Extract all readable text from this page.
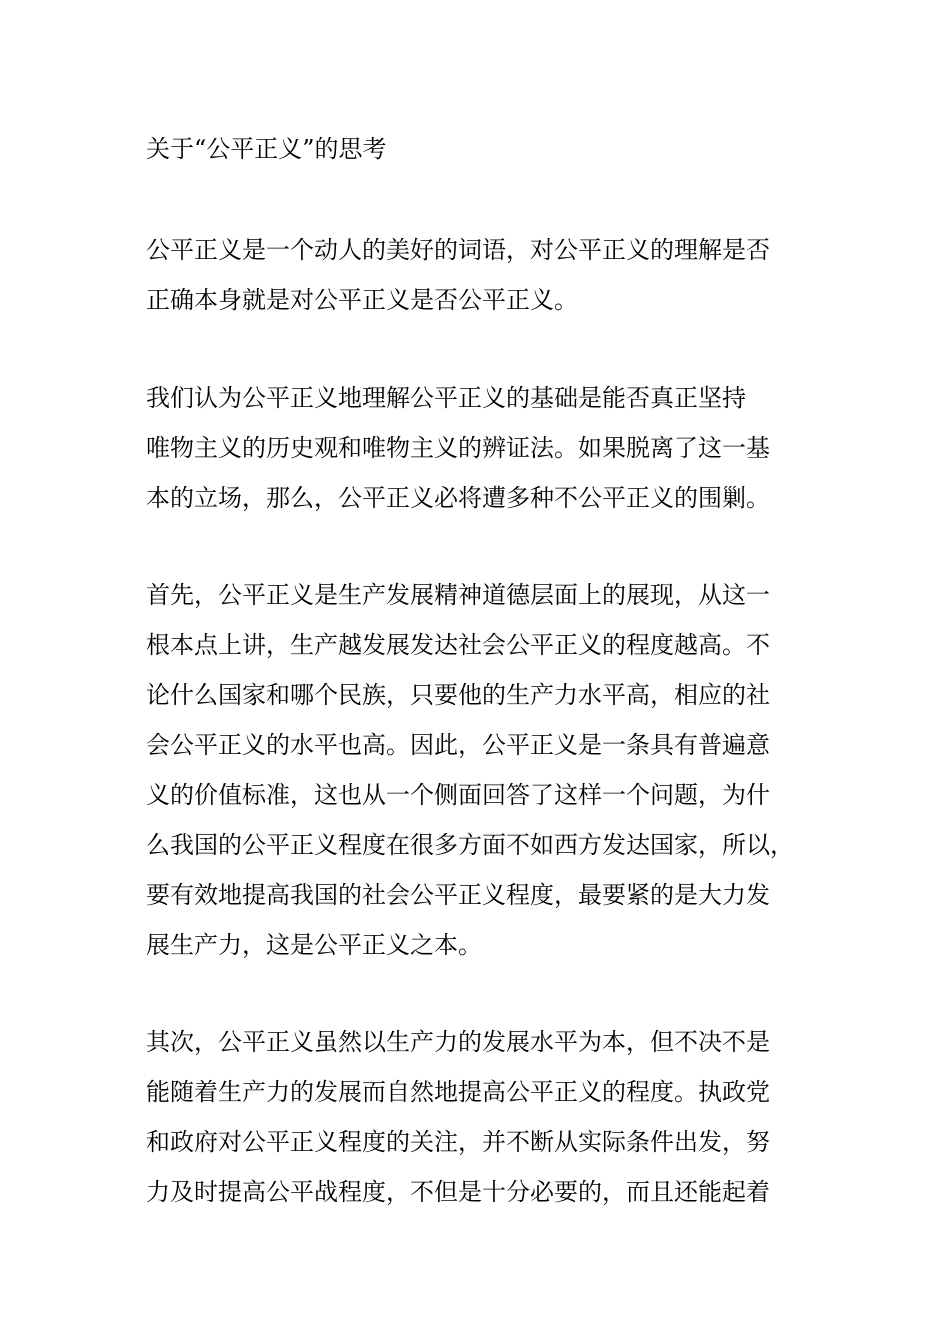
关于“公平正义”的思考
公平正义是一个动人的美好的词语，对公平正义的理解是否
正确本身就是对公平正义是否公平正义。
我们认为公平正义地理解公平正义的基础是能否真正坚持
唯物主义的历史观和唯物主义的辨证法。如果脱离了这一基
本的立场，那么，公平正义必将遭多种不公平正义的围剿。
首先，公平正义是生产发展精神道德层面上的展现，从这一
根本点上讲，生产越发展发达社会公平正义的程度越高。不
论什么国家和哪个民族，只要他的生产力水平高，相应的社
会公平正义的水平也高。因此，公平正义是一条具有普遍意
义的价值标准，这也从一个侧面回答了这样一个问题，为什
么我国的公平正义程度在很多方面不如西方发达国家，所以，
要有效地提高我国的社会公平正义程度，最要紧的是大力发
展生产力，这是公平正义之本。
其次，公平正义虽然以生产力的发展水平为本，但不决不是
能随着生产力的发展而自然地提高公平正义的程度。执政党
和政府对公平正义程度的关注，并不断从实际条件出发，努
力及时提高公平战程度，不但是十分必要的，而且还能起着
